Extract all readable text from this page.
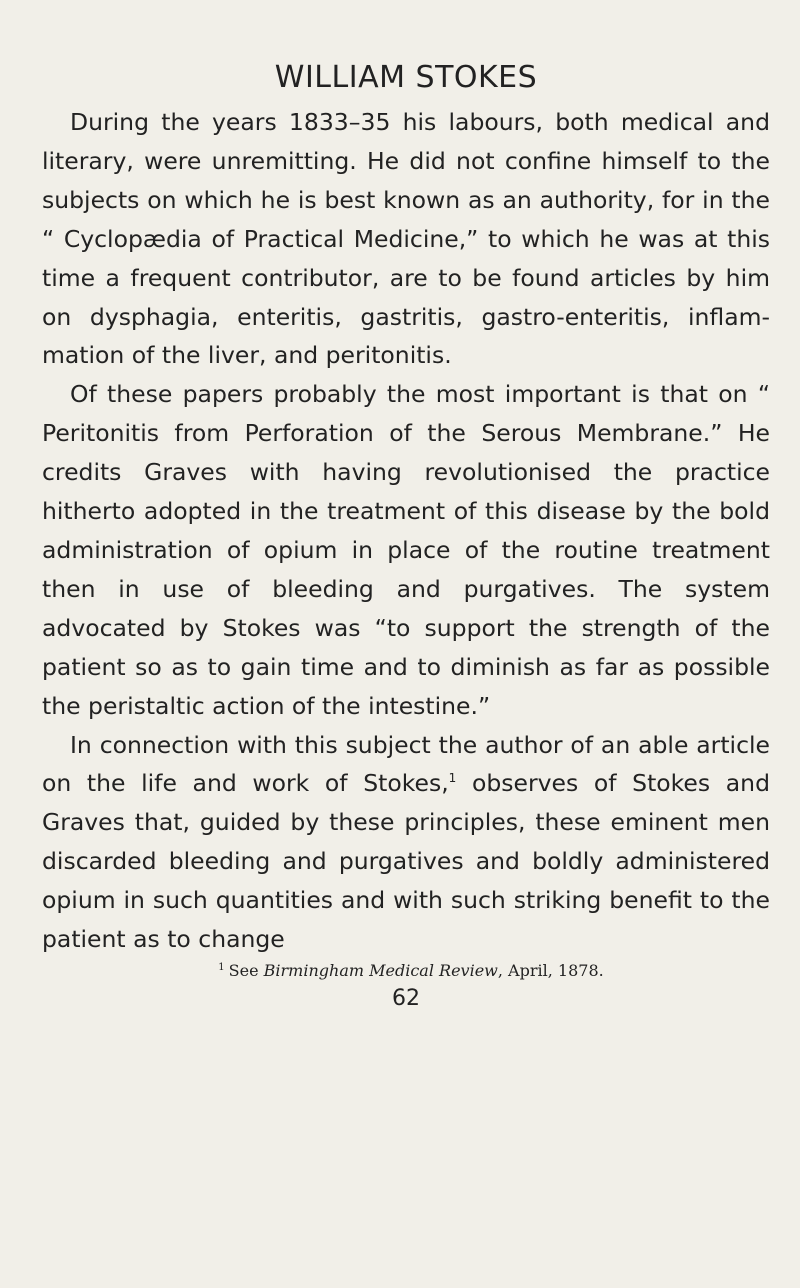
WILLIAM STOKES

During the years 1833–35 his labours, both medical and literary, were unremitting. He did not confine himself to the subjects on which he is best known as an authority, for in the “ Cyclopædia of Practical Medicine,” to which he was at this time a frequent contributor, are to be found articles by him on dysphagia, enteritis, gastritis, gastro-enteritis, inflammation of the liver, and peritonitis.

Of these papers probably the most important is that on “ Peritonitis from Perforation of the Serous Membrane.” He credits Graves with having revolutionised the practice hitherto adopted in the treatment of this disease by the bold administration of opium in place of the routine treatment then in use of bleeding and purgatives. The system advocated by Stokes was “to support the strength of the patient so as to gain time and to diminish as far as possible the peristaltic action of the intestine.”

In connection with this subject the author of an able article on the life and work of Stokes,$^1$ observes of Stokes and Graves that, guided by these principles, these eminent men discarded bleeding and purgatives and boldly administered opium in such quantities and with such striking benefit to the patient as to change

$^1$ See Birmingham Medical Review, April, 1878.
62
